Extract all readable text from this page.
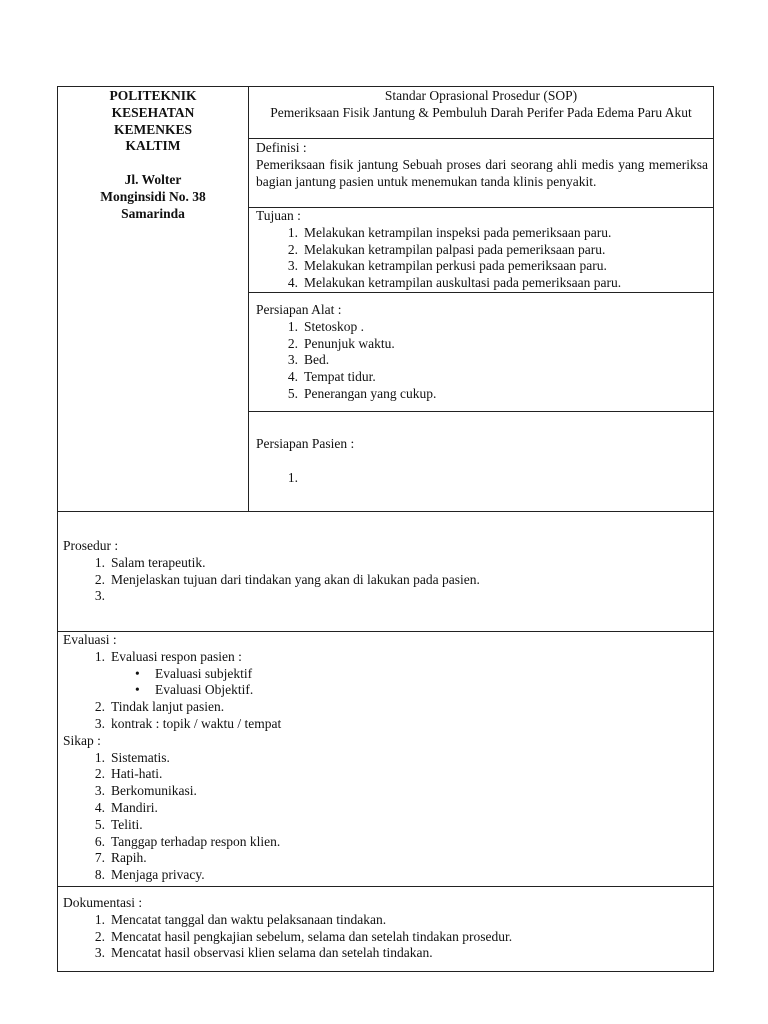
POLITEKNIK
KESEHATAN
KEMENKES
KALTIM
Jl. Wolter
Monginsidi No. 38
Samarinda
Standar Oprasional Prosedur (SOP)
Pemeriksaan Fisik Jantung & Pembuluh Darah Perifer Pada Edema Paru Akut
Definisi :
Pemeriksaan fisik jantung Sebuah proses dari seorang ahli medis yang memeriksa bagian jantung pasien untuk menemukan tanda klinis penyakit.
Tujuan :
1. Melakukan ketrampilan inspeksi pada pemeriksaan paru.
2. Melakukan ketrampilan palpasi pada pemeriksaan paru.
3. Melakukan ketrampilan perkusi pada pemeriksaan paru.
4. Melakukan ketrampilan auskultasi pada pemeriksaan paru.
Persiapan Alat :
1. Stetoskop .
2. Penunjuk waktu.
3. Bed.
4. Tempat tidur.
5. Penerangan yang cukup.
Persiapan Pasien :
1.
Prosedur :
1. Salam terapeutik.
2. Menjelaskan tujuan dari tindakan yang akan di lakukan pada pasien.
3.
Evaluasi :
1. Evaluasi respon pasien :
• Evaluasi subjektif
• Evaluasi Objektif.
2. Tindak lanjut pasien.
3. kontrak : topik / waktu / tempat
Sikap :
1. Sistematis.
2. Hati-hati.
3. Berkomunikasi.
4. Mandiri.
5. Teliti.
6. Tanggap terhadap respon klien.
7. Rapih.
8. Menjaga privacy.
Dokumentasi :
1. Mencatat tanggal dan waktu pelaksanaan tindakan.
2. Mencatat hasil pengkajian sebelum, selama dan setelah tindakan prosedur.
3. Mencatat hasil observasi klien selama dan setelah tindakan.
